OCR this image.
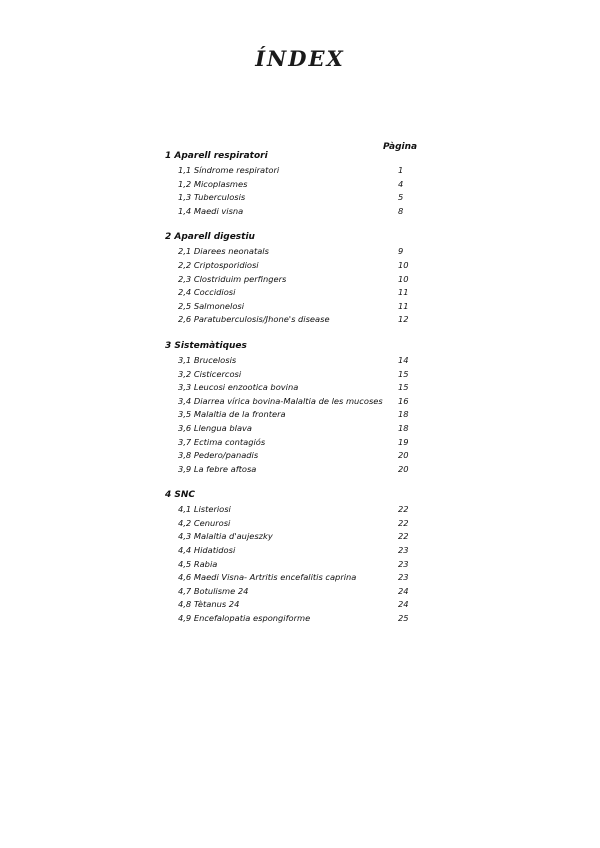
ÍNDEX
Pàgina
1 Aparell respiratori
1,1 Síndrome respiratori	1
1,2 Micoplasmes	4
1,3 Tuberculosis	5
1,4 Maedi visna	8
2 Aparell digestiu
2,1 Diarees neonatals	9
2,2 Criptosporidiosi	10
2,3 Clostriduim perfingers	10
2,4 Coccidiosi	11
2,5 Salmonelosi	11
2,6 Paratuberculosis/Jhone's disease	12
3 Sistemàtiques
3,1 Brucelosis	14
3,2 Cisticercosi	15
3,3 Leucosi enzootica bovina	15
3,4 Diarrea vírica bovina-Malaltia de les mucoses 16
3,5 Malaltia de la frontera	18
3,6 Llengua blava	18
3,7 Ectima contagiós	19
3,8 Pedero/panadis	20
3,9 La febre aftosa	20
4 SNC
4,1 Listeriosi	22
4,2 Cenurosi	22
4,3 Malaltia d'aujeszky	22
4,4 Hidatidosi	23
4,5 Rabia	23
4,6 Maedi Visna- Artritis encefalitis caprina	23
4,7 Botulisme 24	24
4,8 Tètanus 24	24
4,9 Encefalopatia espongiforme	25
